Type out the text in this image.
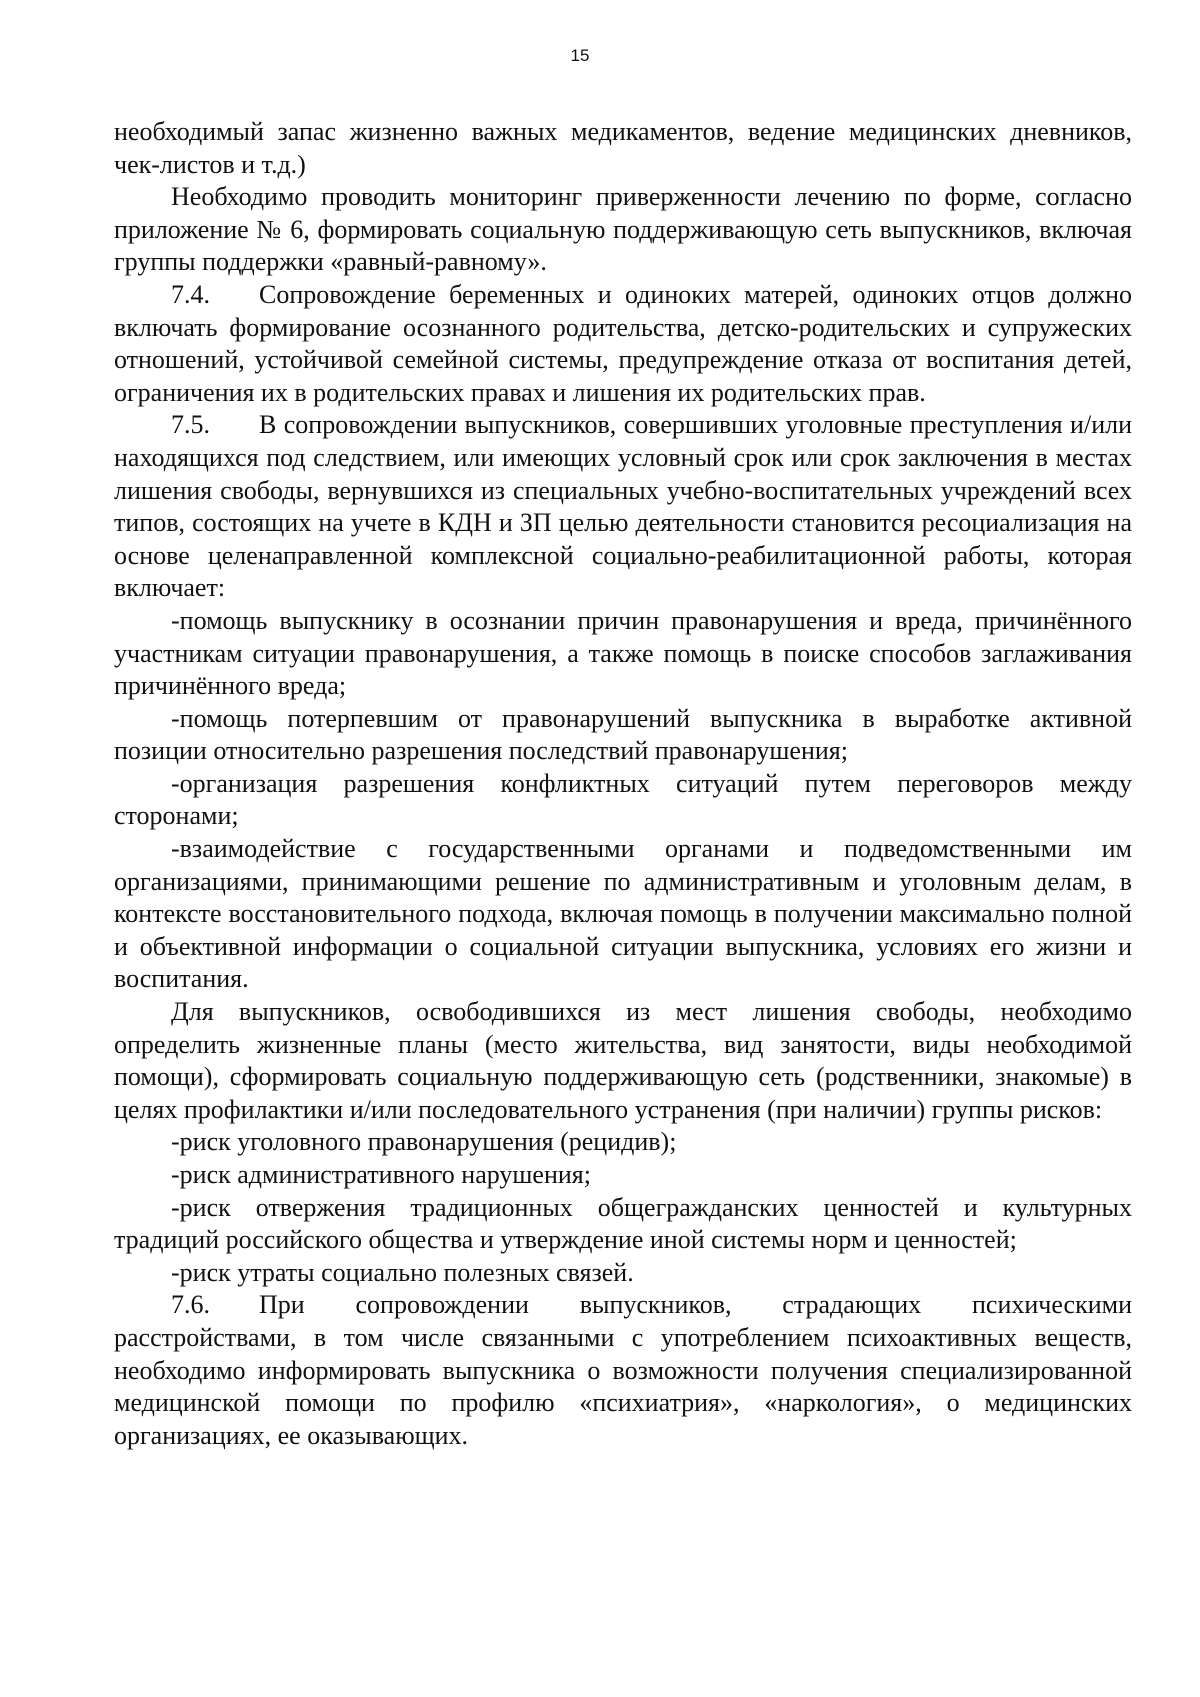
15

необходимый запас жизненно важных медикаментов, ведение медицинских дневников, чек-листов и т.д.)

Необходимо проводить мониторинг приверженности лечению по форме, согласно приложение № 6, формировать социальную поддерживающую сеть выпускников, включая группы поддержки «равный-равному».

7.4. Сопровождение беременных и одиноких матерей, одиноких отцов должно включать формирование осознанного родительства, детско-родительских и супружеских отношений, устойчивой семейной системы, предупреждение отказа от воспитания детей, ограничения их в родительских правах и лишения их родительских прав.

7.5. В сопровождении выпускников, совершивших уголовные преступления и/или находящихся под следствием, или имеющих условный срок или срок заключения в местах лишения свободы, вернувшихся из специальных учебно-воспитательных учреждений всех типов, состоящих на учете в КДН и ЗП целью деятельности становится ресоциализация на основе целенаправленной комплексной социально-реабилитационной работы, которая включает:

-помощь выпускнику в осознании причин правонарушения и вреда, причинённого участникам ситуации правонарушения, а также помощь в поиске способов заглаживания причинённого вреда;

-помощь потерпевшим от правонарушений выпускника в выработке активной позиции относительно разрешения последствий правонарушения;

-организация разрешения конфликтных ситуаций путем переговоров между сторонами;

-взаимодействие с государственными органами и подведомственными им организациями, принимающими решение по административным и уголовным делам, в контексте восстановительного подхода, включая помощь в получении максимально полной и объективной информации о социальной ситуации выпускника, условиях его жизни и воспитания.

Для выпускников, освободившихся из мест лишения свободы, необходимо определить жизненные планы (место жительства, вид занятости, виды необходимой помощи), сформировать социальную поддерживающую сеть (родственники, знакомые) в целях профилактики и/или последовательного устранения (при наличии) группы рисков:

-риск уголовного правонарушения (рецидив);

-риск административного нарушения;

-риск отвержения традиционных общегражданских ценностей и культурных традиций российского общества и утверждение иной системы норм и ценностей;

-риск утраты социально полезных связей.

7.6. При сопровождении выпускников, страдающих психическими расстройствами, в том числе связанными с употреблением психоактивных веществ, необходимо информировать выпускника о возможности получения специализированной медицинской помощи по профилю «психиатрия», «наркология», о медицинских организациях, ее оказывающих.
